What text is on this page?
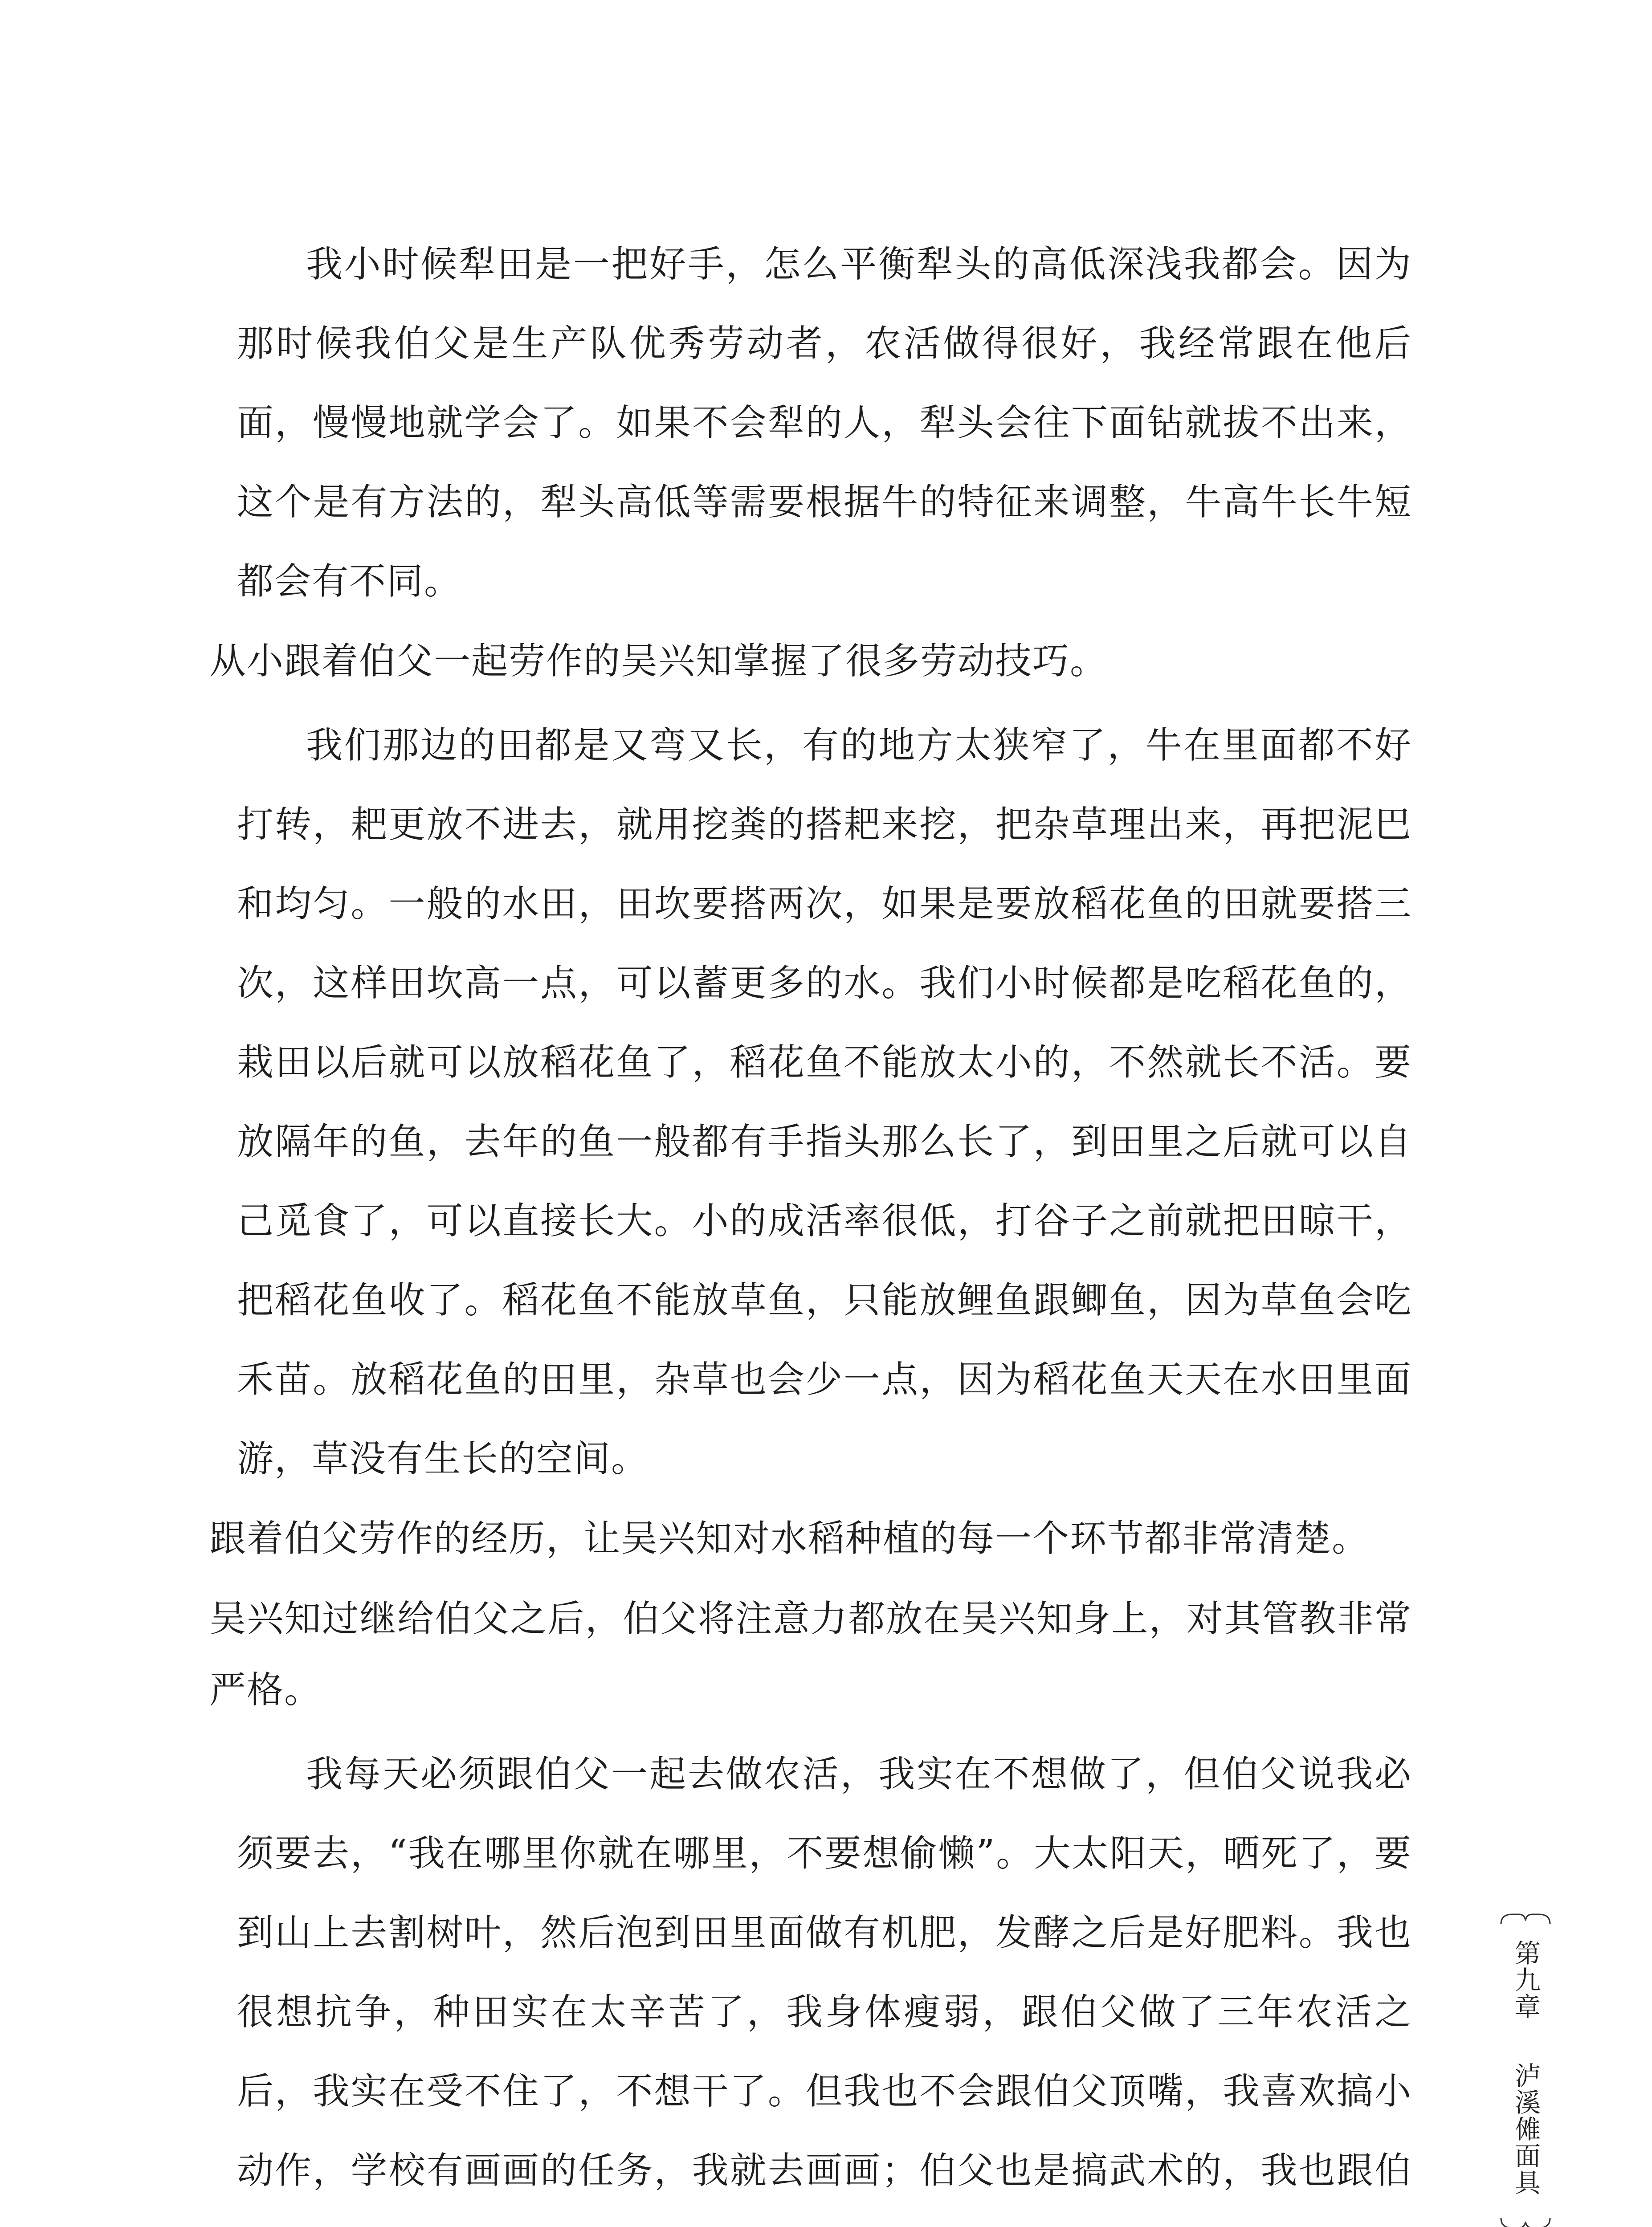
我小时候犁田是一把好手，怎么平衡犁头的高低深浅我都会。因为那时候我伯父是生产队优秀劳动者，农活做得很好，我经常跟在他后面，慢慢地就学会了。如果不会犁的人，犁头会往下面钻就拔不出来，这个是有方法的，犁头高低等需要根据牛的特征来调整，牛高牛长牛短都会有不同。

从小跟着伯父一起劳作的吴兴知掌握了很多劳动技巧。

我们那边的田都是又弯又长，有的地方太狭窄了，牛在里面都不好打转，耙更放不进去，就用挖粪的搭耙来挖，把杂草理出来，再把泥巴和均匀。一般的水田，田坎要搭两次，如果是要放稻花鱼的田就要搭三次，这样田坎高一点，可以蓄更多的水。我们小时候都是吃稻花鱼的，栽田以后就可以放稻花鱼了，稻花鱼不能放太小的，不然就长不活。要放隔年的鱼，去年的鱼一般都有手指头那么长了，到田里之后就可以自己觅食了，可以直接长大。小的成活率很低，打谷子之前就把田晾干，把稻花鱼收了。稻花鱼不能放草鱼，只能放鲤鱼跟鲫鱼，因为草鱼会吃禾苗。放稻花鱼的田里，杂草也会少一点，因为稻花鱼天天在水田里面游，草没有生长的空间。

跟着伯父劳作的经历，让吴兴知对水稻种植的每一个环节都非常清楚。

吴兴知过继给伯父之后，伯父将注意力都放在吴兴知身上，对其管教非常严格。

我每天必须跟伯父一起去做农活，我实在不想做了，但伯父说我必须要去，“我在哪里你就在哪里，不要想偷懒”。大太阳天，晒死了，要到山上去割树叶，然后泡到田里面做有机肥，发酵之后是好肥料。我也很想抗争，种田实在太辛苦了，我身体瘦弱，跟伯父做了三年农活之后，我实在受不住了，不想干了。但我也不会跟伯父顶嘴，我喜欢搞小动作，学校有画画的任务，我就去画画；伯父也是搞武术的，我也跟伯

第九章
泸溪傩面具
